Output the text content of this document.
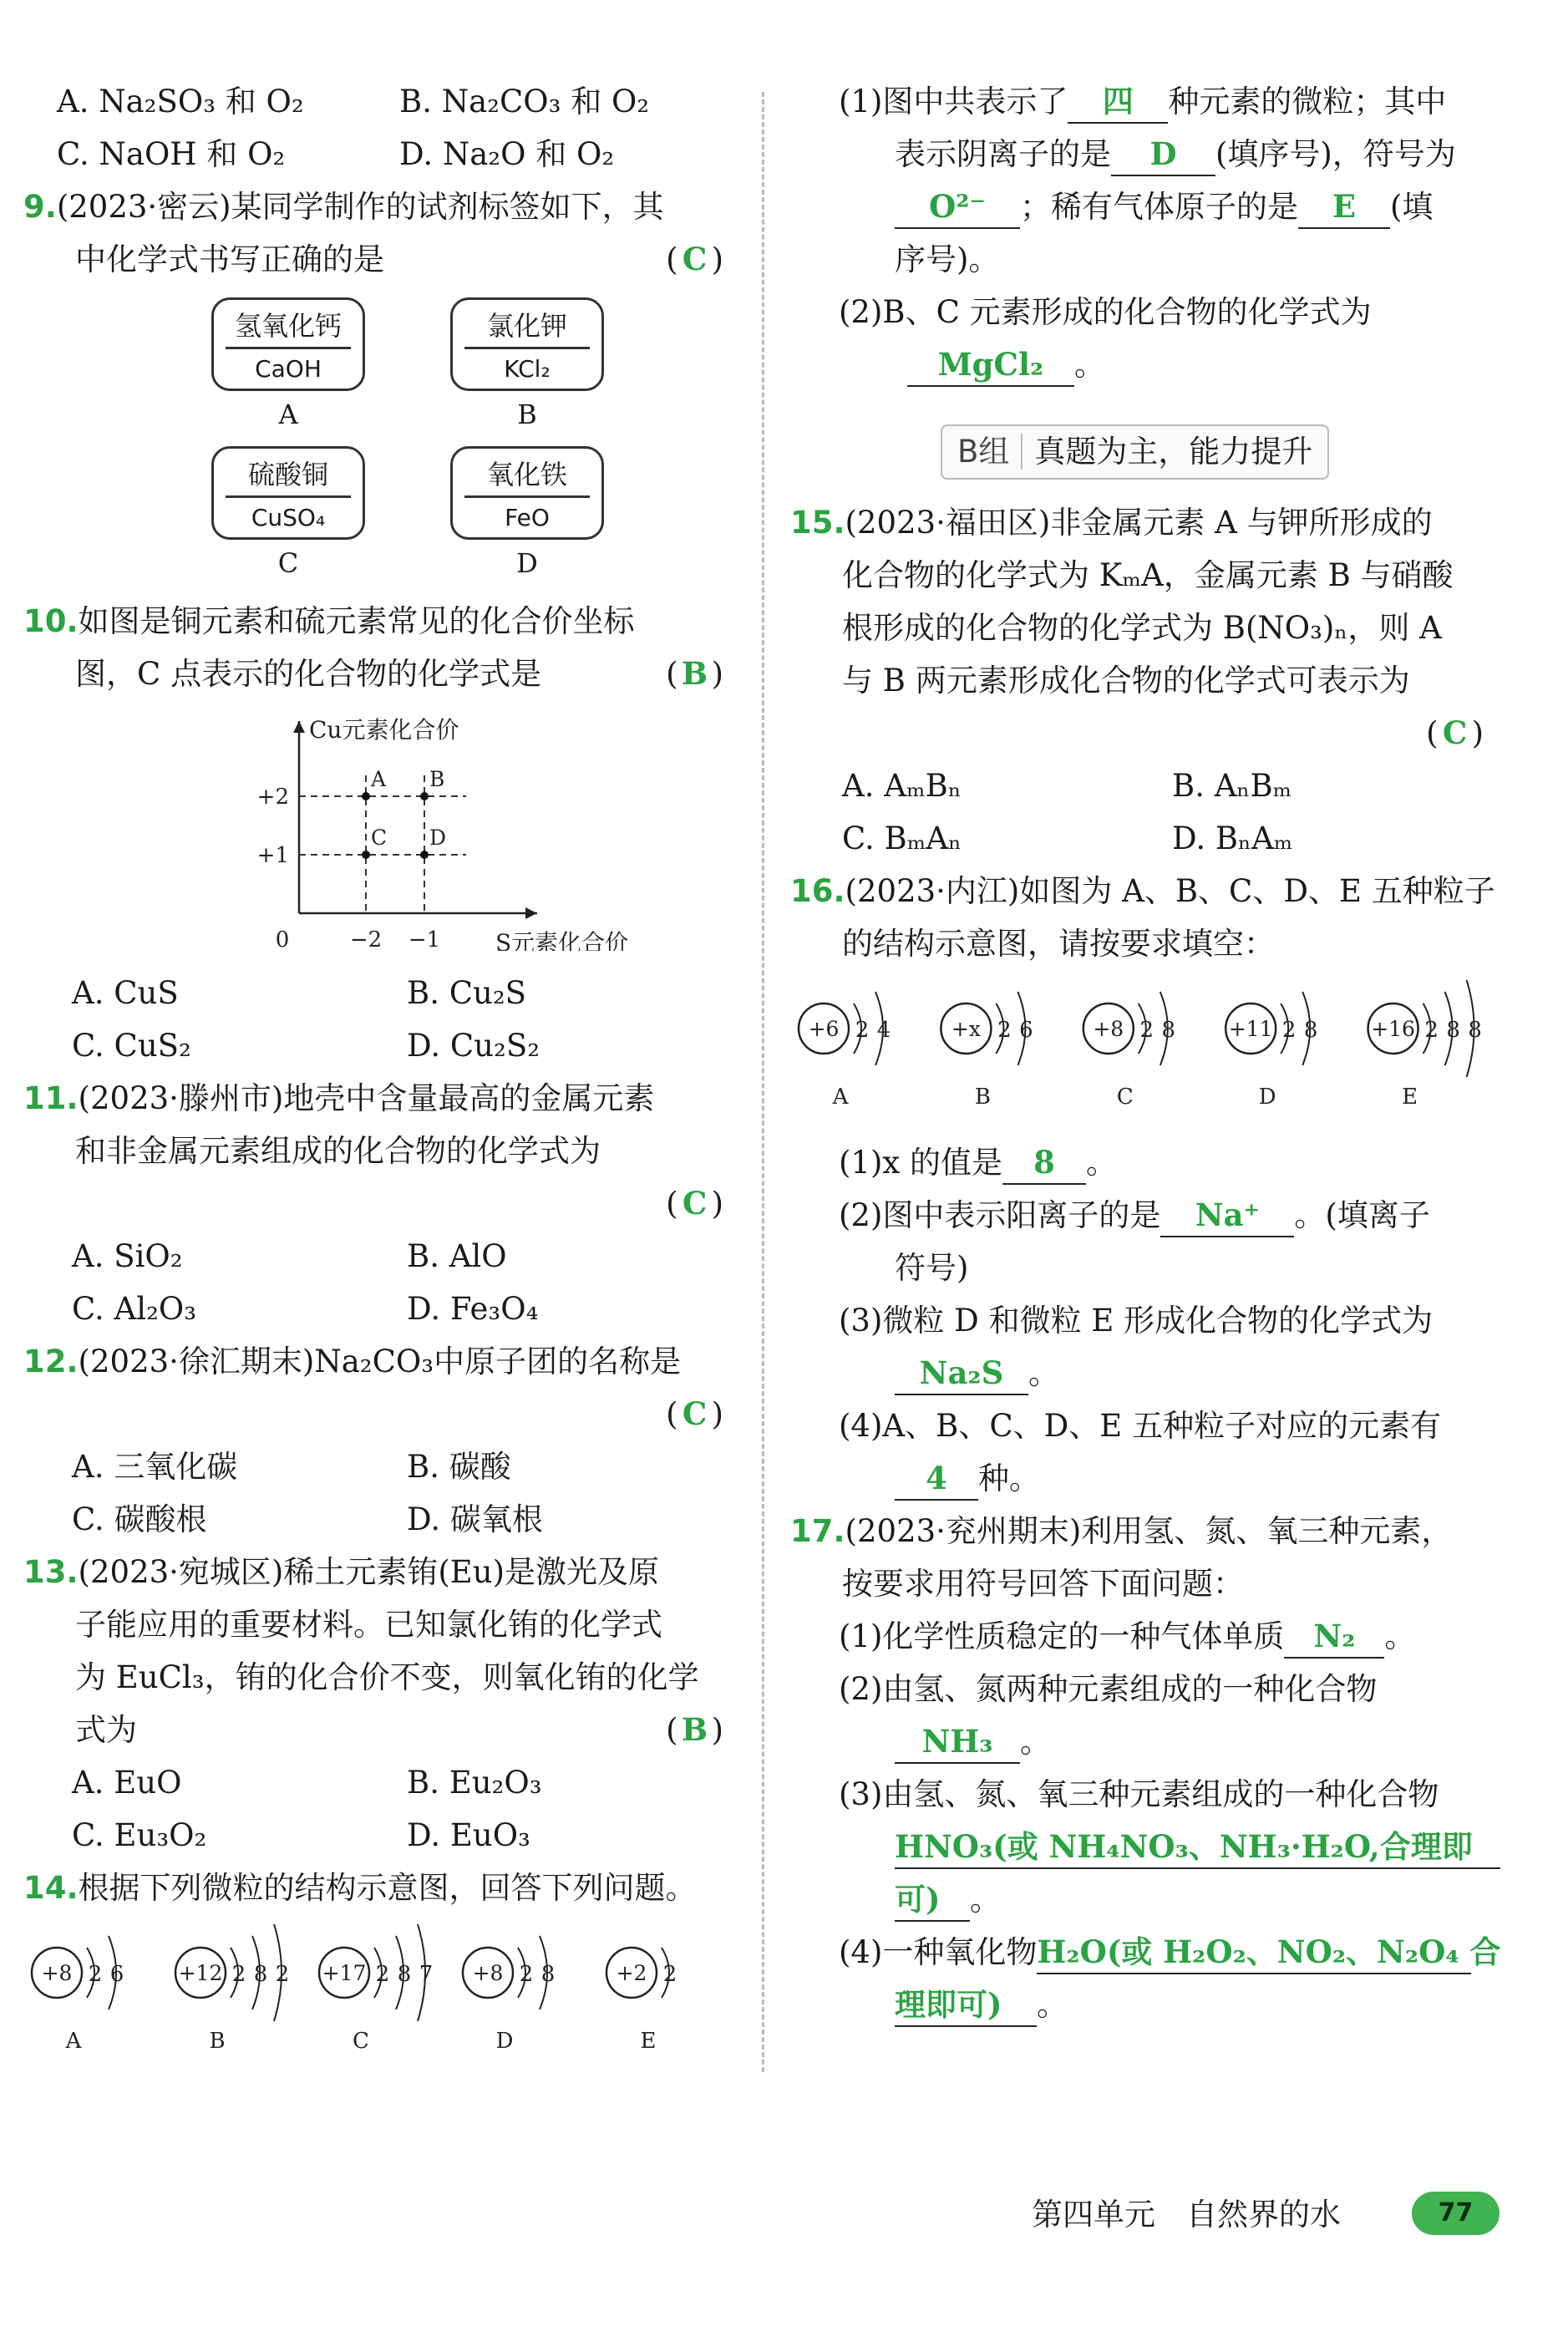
A. Na₂SO₃ 和 O₂	B. Na₂CO₃ 和 O₂
C. NaOH 和 O₂	D. Na₂O 和 O₂
9.(2023·密云)某同学制作的试剂标签如下，其
中化学式书写正确的是	( C )
氢氧化钙
CaOH
A
氯化钾
KCl₂
B
硫酸铜
CuSO₄
C
氧化铁
FeO
D
10.如图是铜元素和硫元素常见的化合价坐标
图，C 点表示的化合物的化学式是	( B )
Cu元素化合价
S元素化合价
0	−2 −1
+2
+1
A B
C D
A. CuS	B. Cu₂S
C. CuS₂	D. Cu₂S₂
11.(2023·滕州市)地壳中含量最高的金属元素
和非金属元素组成的化合物的化学式为
( C )
A. SiO₂	B. AlO
C. Al₂O₃	D. Fe₃O₄
12.(2023·徐汇期末)Na₂CO₃中原子团的名称是
( C )
A. 三氧化碳	B. 碳酸
C. 碳酸根	D. 碳氧根
13.(2023·宛城区)稀土元素铕(Eu)是激光及原
子能应用的重要材料。已知氯化铕的化学式
为 EuCl₃，铕的化合价不变，则氧化铕的化学
式为	( B )
A. EuO	B. Eu₂O₃
C. Eu₃O₂	D. EuO₃
14.根据下列微粒的结构示意图，回答下列问题。
+8 2 6
A
+12 2 8 2
B
+17 2 8 7
C
+8 2 8
D
+2 2
E
(1)图中共表示了 四 种元素的微粒；其中
表示阴离子的是 D (填序号)，符号为
O²⁻ ；稀有气体原子的是 E (填
序号)。
(2)B、C 元素形成的化合物的化学式为
MgCl₂ 。
B组 真题为主，能力提升
15.(2023·福田区)非金属元素 A 与钾所形成的
化合物的化学式为 KₘA，金属元素 B 与硝酸
根形成的化合物的化学式为 B(NO₃)ₙ，则 A
与 B 两元素形成化合物的化学式可表示为
( C )
A. AₘBₙ	B. AₙBₘ
C. BₘAₙ	D. BₙAₘ
16.(2023·内江)如图为 A、B、C、D、E 五种粒子
的结构示意图，请按要求填空：
+6 2 4
A
+x 2 6
B
+8 2 8
C
+11 2 8
D
+16 2 8 8
E
(1)x 的值是 8 。
(2)图中表示阳离子的是 Na⁺ 。(填离子
符号)
(3)微粒 D 和微粒 E 形成化合物的化学式为
Na₂S 。
(4)A、B、C、D、E 五种粒子对应的元素有
4 种。
17.(2023·兖州期末)利用氢、氮、氧三种元素，
按要求用符号回答下面问题：
(1)化学性质稳定的一种气体单质 N₂ 。
(2)由氢、氮两种元素组成的一种化合物
NH₃ 。
(3)由氢、氮、氧三种元素组成的一种化合物
HNO₃(或 NH₄NO₃、NH₃·H₂O,合理即
可) 。
(4)一种氧化物H₂O(或 H₂O₂、NO₂、N₂O₄ 合
理即可) 。
第四单元　自然界的水	77
